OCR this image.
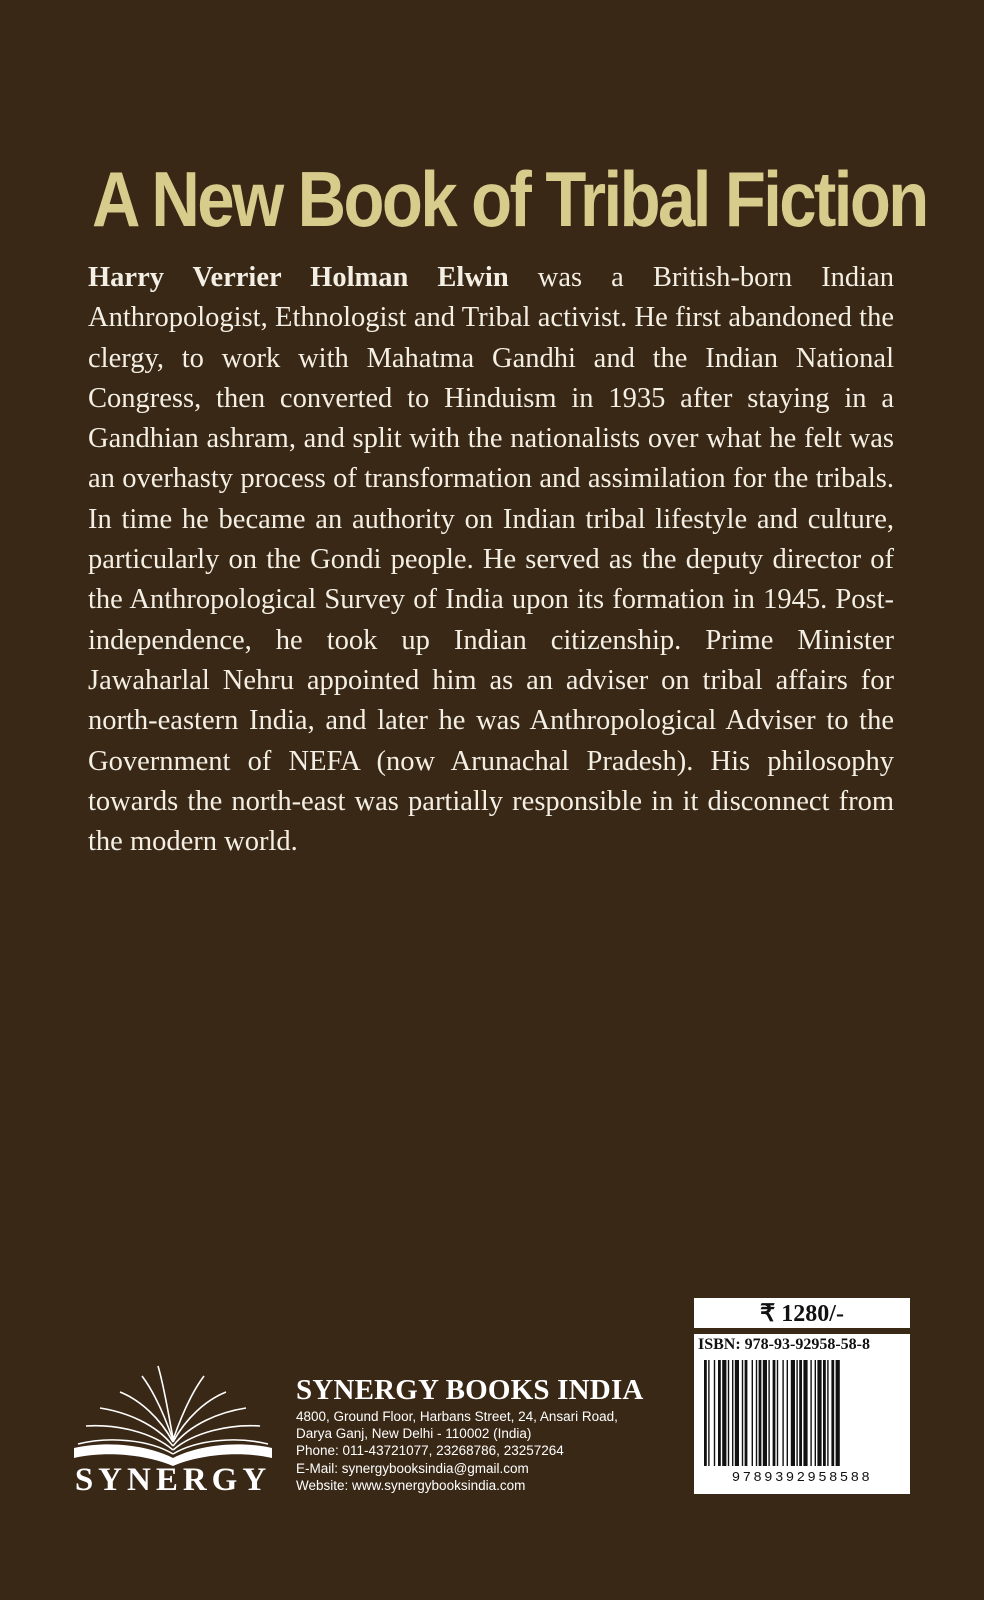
A New Book of Tribal Fiction

Harry Verrier Holman Elwin was a British-born Indian Anthropologist, Ethnologist and Tribal activist. He first abandoned the clergy, to work with Mahatma Gandhi and the Indian National Congress, then converted to Hinduism in 1935 after staying in a Gandhian ashram, and split with the nationalists over what he felt was an overhasty process of transformation and assimilation for the tribals. In time he became an authority on Indian tribal lifestyle and culture, particularly on the Gondi people. He served as the deputy director of the Anthropological Survey of India upon its formation in 1945. Post-independence, he took up Indian citizenship. Prime Minister Jawaharlal Nehru appointed him as an adviser on tribal affairs for north-eastern India, and later he was Anthropological Adviser to the Government of NEFA (now Arunachal Pradesh). His philosophy towards the north-east was partially responsible in it disconnect from the modern world.

₹ 1280/-
ISBN: 978-93-92958-58-8
9789392958588
SYNERGY
SYNERGY BOOKS INDIA
4800, Ground Floor, Harbans Street, 24, Ansari Road,
Darya Ganj, New Delhi - 110002 (India)
Phone: 011-43721077, 23268786, 23257264
E-Mail: synergybooksindia@gmail.com
Website: www.synergybooksindia.com
